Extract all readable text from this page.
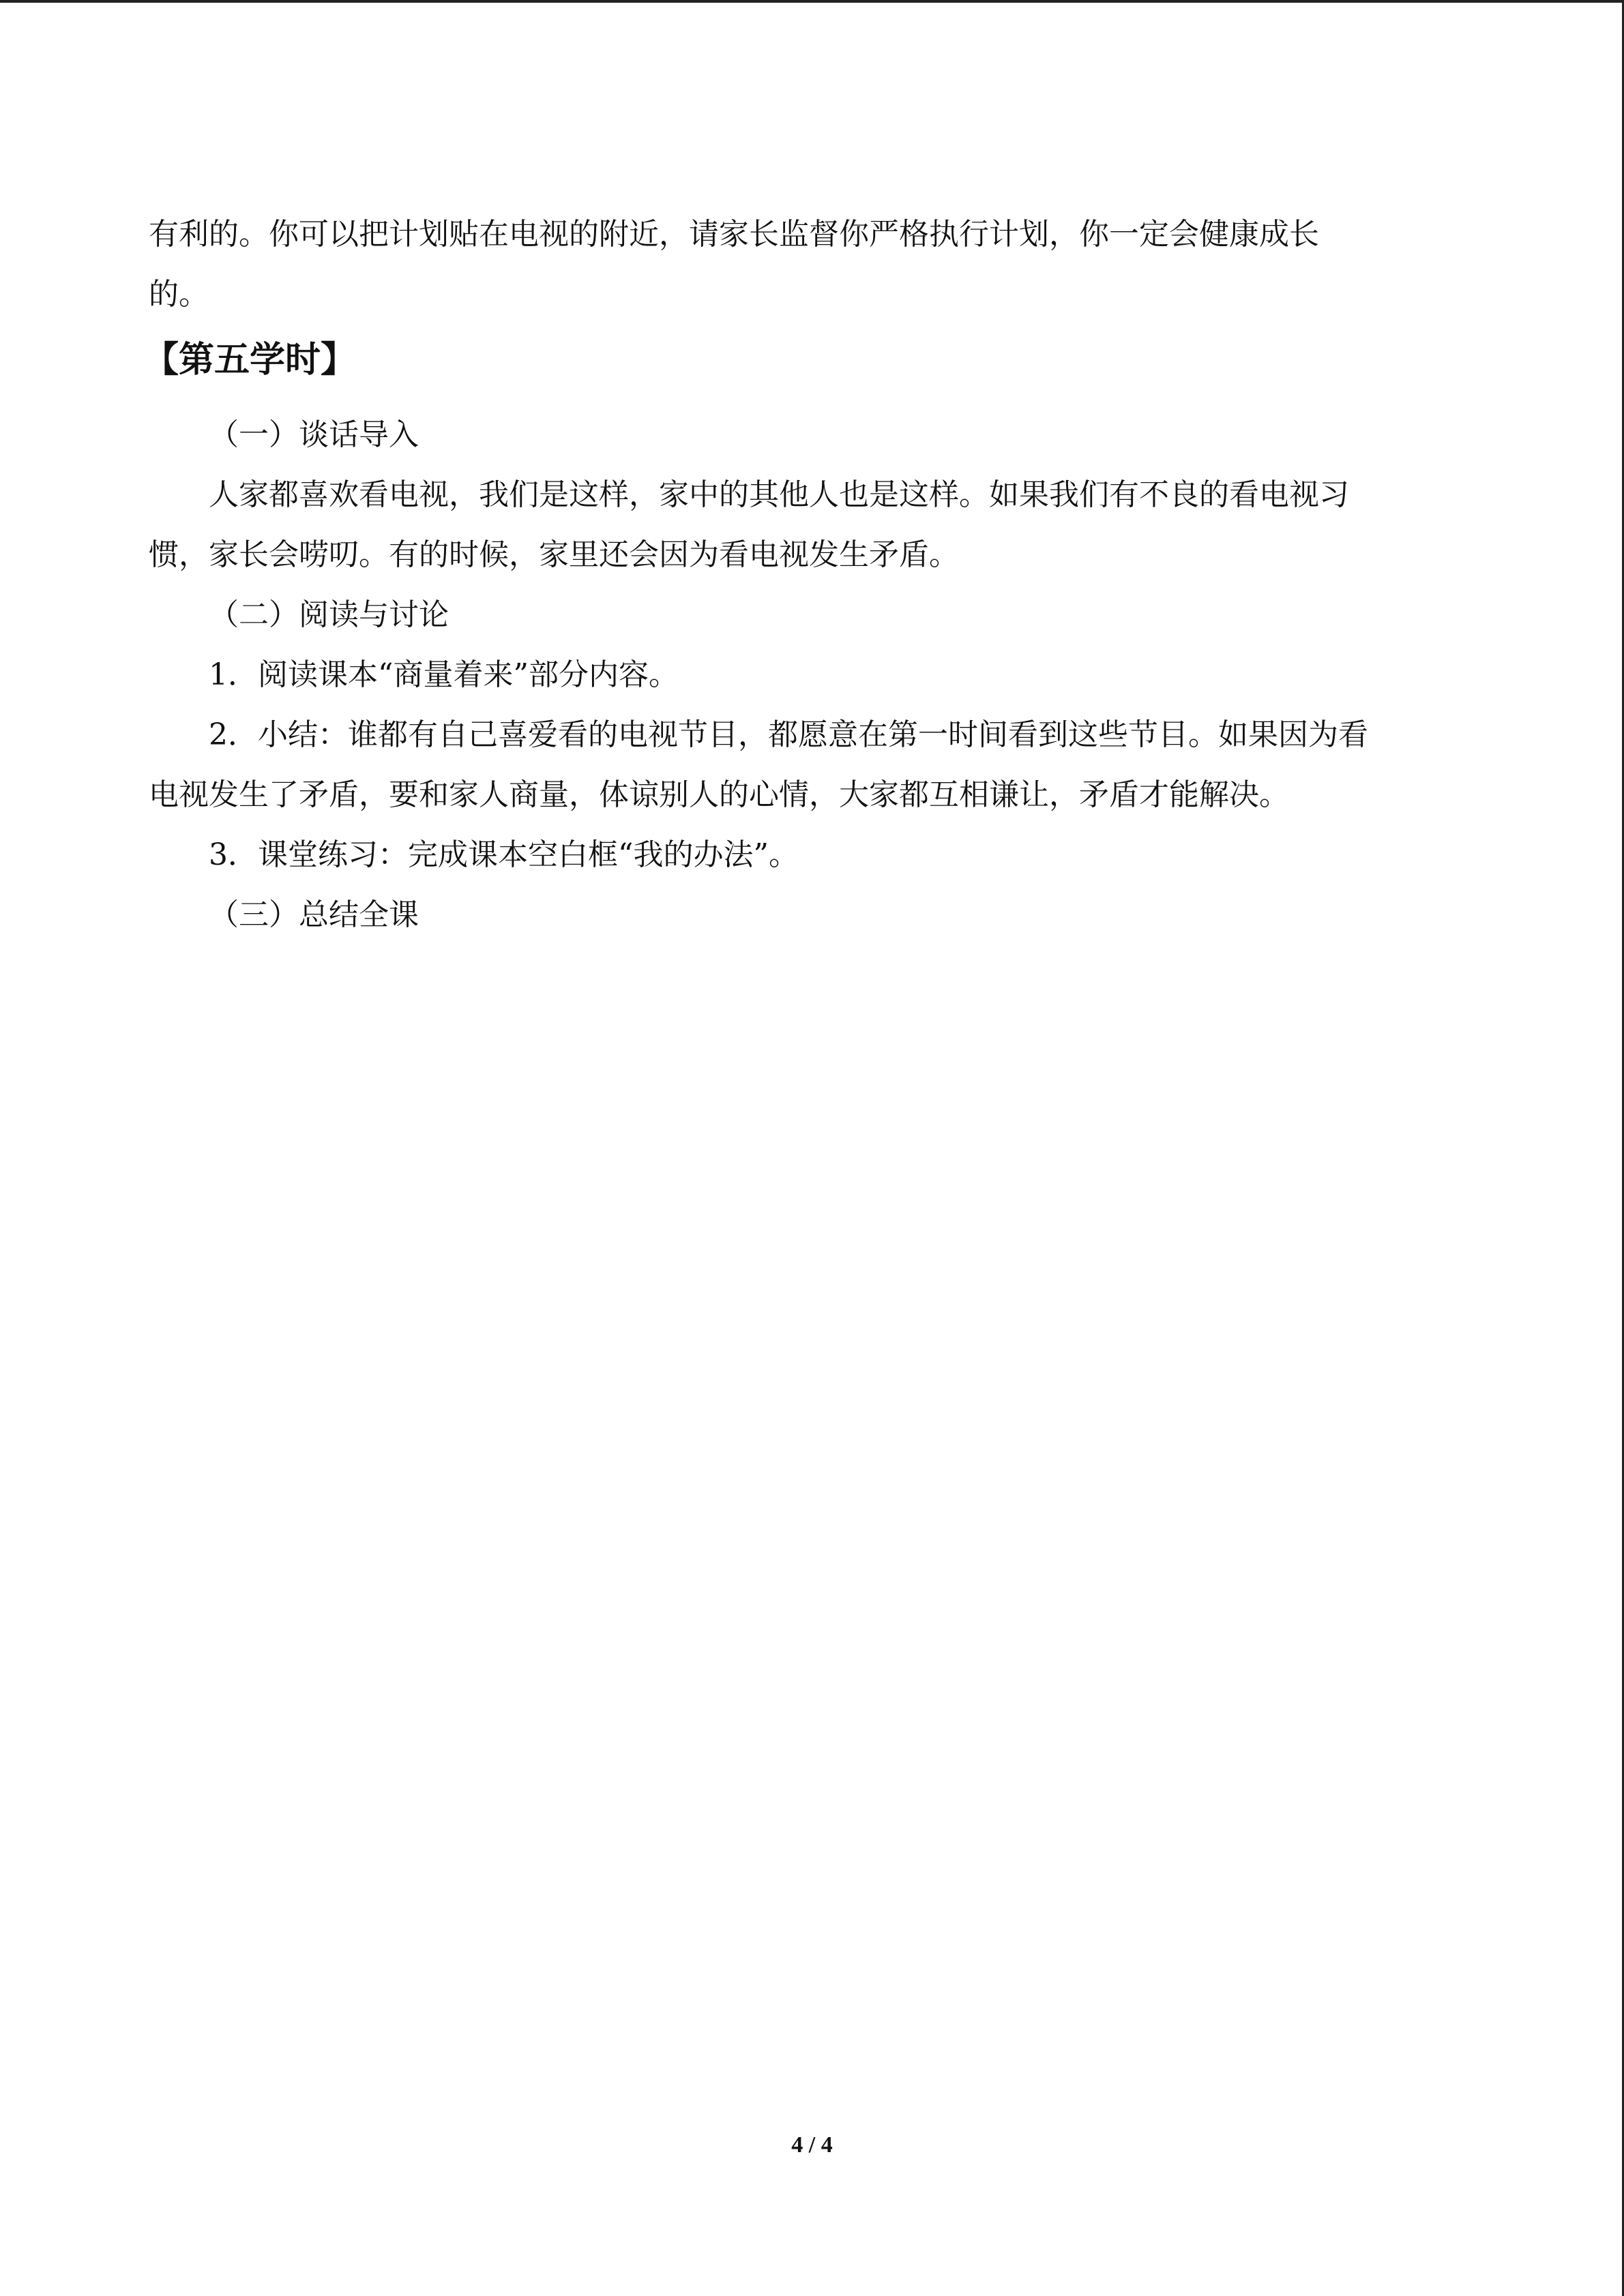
有利的。你可以把计划贴在电视的附近，请家长监督你严格执行计划，你一定会健康成长
的。
【第五学时】
（一）谈话导入
人家都喜欢看电视，我们是这样，家中的其他人也是这样。如果我们有不良的看电视习
惯，家长会唠叨。有的时候，家里还会因为看电视发生矛盾。
（二）阅读与讨论
1．阅读课本“商量着来”部分内容。
2．小结：谁都有自己喜爱看的电视节目，都愿意在第一时间看到这些节目。如果因为看
电视发生了矛盾，要和家人商量，体谅别人的心情，大家都互相谦让，矛盾才能解决。
3．课堂练习：完成课本空白框“我的办法”。
（三）总结全课
4 / 4
